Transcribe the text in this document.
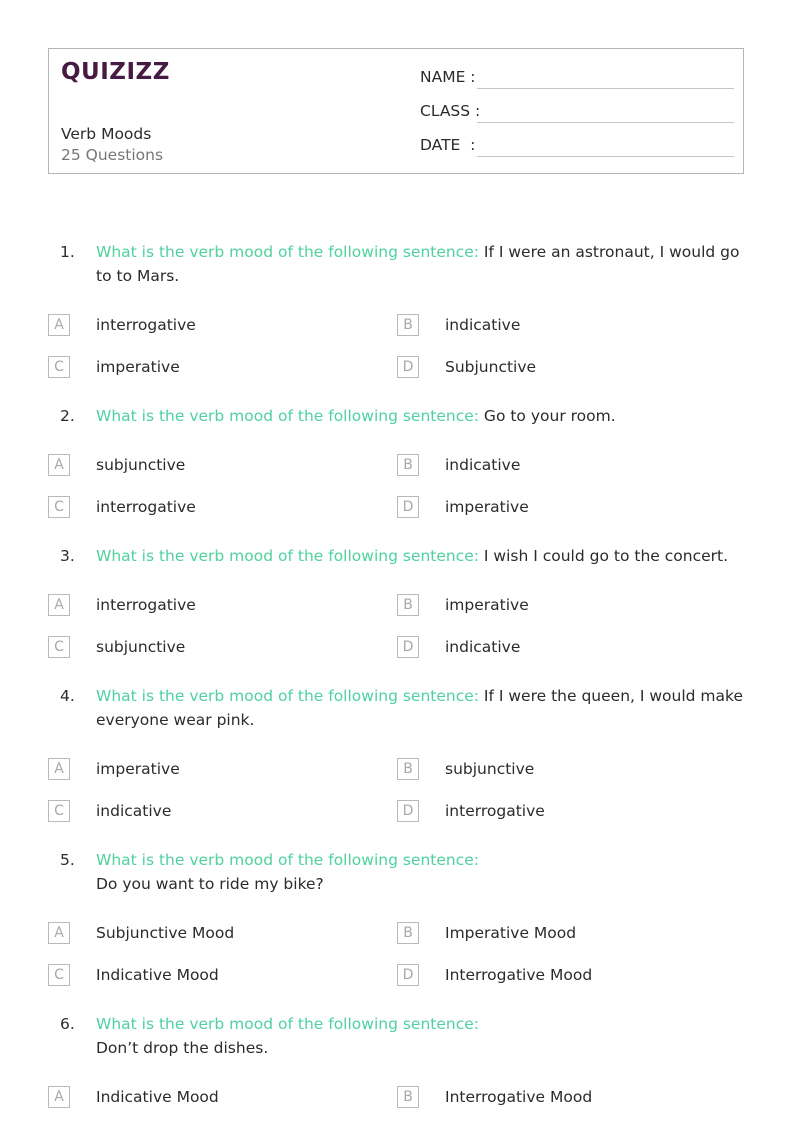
QUIZIZZ
Verb Moods
25 Questions
NAME :
CLASS :
DATE  :
1. What is the verb mood of the following sentence: If I were an astronaut, I would go to to Mars.
A	interrogative	B	indicative
C	imperative	D	Subjunctive
2. What is the verb mood of the following sentence: Go to your room.
A	subjunctive	B	indicative
C	interrogative	D	imperative
3. What is the verb mood of the following sentence: I wish I could go to the concert.
A	interrogative	B	imperative
C	subjunctive	D	indicative
4. What is the verb mood of the following sentence: If I were the queen, I would make everyone wear pink.
A	imperative	B	subjunctive
C	indicative	D	interrogative
5. What is the verb mood of the following sentence:
Do you want to ride my bike?
A	Subjunctive Mood	B	Imperative Mood
C	Indicative Mood	D	Interrogative Mood
6. What is the verb mood of the following sentence:
Don’t drop the dishes.
A	Indicative Mood	B	Interrogative Mood
